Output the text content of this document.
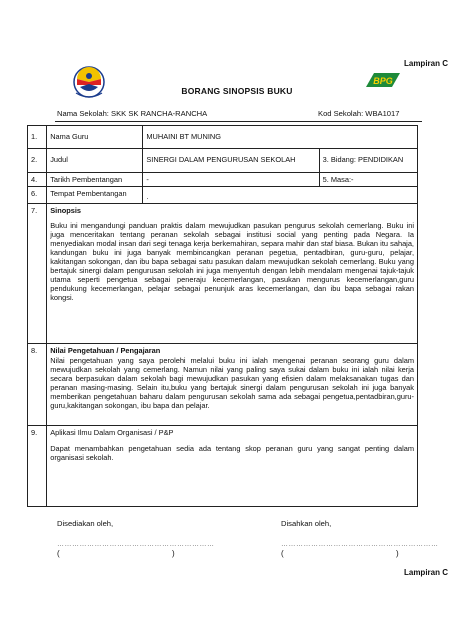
Lampiran C
BPG
BORANG SINOPSIS BUKU
Nama Sekolah: SKK SK RANCHA-RANCHA	Kod Sekolah: WBA1017
1.	Nama Guru	MUHAINI BT MUNING	
2.	Judul	SINERGI DALAM PENGURUSAN SEKOLAH	3. Bidang: PENDIDIKAN
4.	Tarikh Pembentangan	-	5. Masa:-
6.	Tempat Pembentangan	.	
7.	Sinopsis
Buku ini mengandungi panduan praktis dalam mewujudkan pasukan pengurus sekolah cemerlang. Buku ini juga menceritakan tentang peranan sekolah sebagai institusi social yang penting pada Negara. Ia menyediakan modal insan dari segi tenaga kerja berkemahiran, separa mahir dan staf biasa. Bukan itu sahaja, kandungan buku ini juga banyak membincangkan peranan pegetua, pentadbiran, guru-guru, pelajar, kakitangan sokongan, dan ibu bapa sebagai satu pasukan dalam mewujudkan sekolah cemerlang. Buku yang bertajuk sinergi dalam pengurusan sekolah ini juga menyentuh dengan lebih mendalam mengenai tajuk-tajuk utama seperti pengetua sebagai peneraju kecemerlangan, pasukan mengurus kecemerlangan,guru pendukung kecemerlangan, pelajar sebagai penunjuk aras kecemerlangan, dan ibu bapa sebagai rakan kongsi.		

8.	Nilai Pengetahuan / Pengajaran
Nilai pengetahuan yang saya perolehi melalui buku ini ialah mengenai peranan seorang guru dalam mewujudkan sekolah yang cemerlang. Namun nilai yang paling saya sukai dalam buku ini ialah nilai kerja secara berpasukan dalam sekolah bagi mewujudkan pasukan yang efisien dalam melaksanakan tugas dan peranan masing-masing. Selain itu,buku yang bertajuk sinergi dalam pengurusan sekolah ini juga banyak memberikan pengetahuan baharu dalam pengurusan sekolah sama ada sebagai pengetua,pentadbiran,guru-guru,kakitangan sokongan, ibu bapa dan pelajar.		

9.	Aplikasi Ilmu Dalam Organisasi / P&P
Dapat menambahkan pengetahuan sedia ada tentang skop peranan guru yang sangat penting dalam organisasi sekolah.		
Disediakan oleh,	Disahkan oleh,
………………………………………………………	………………………………………………………
(	)	(	)
Lampiran C
